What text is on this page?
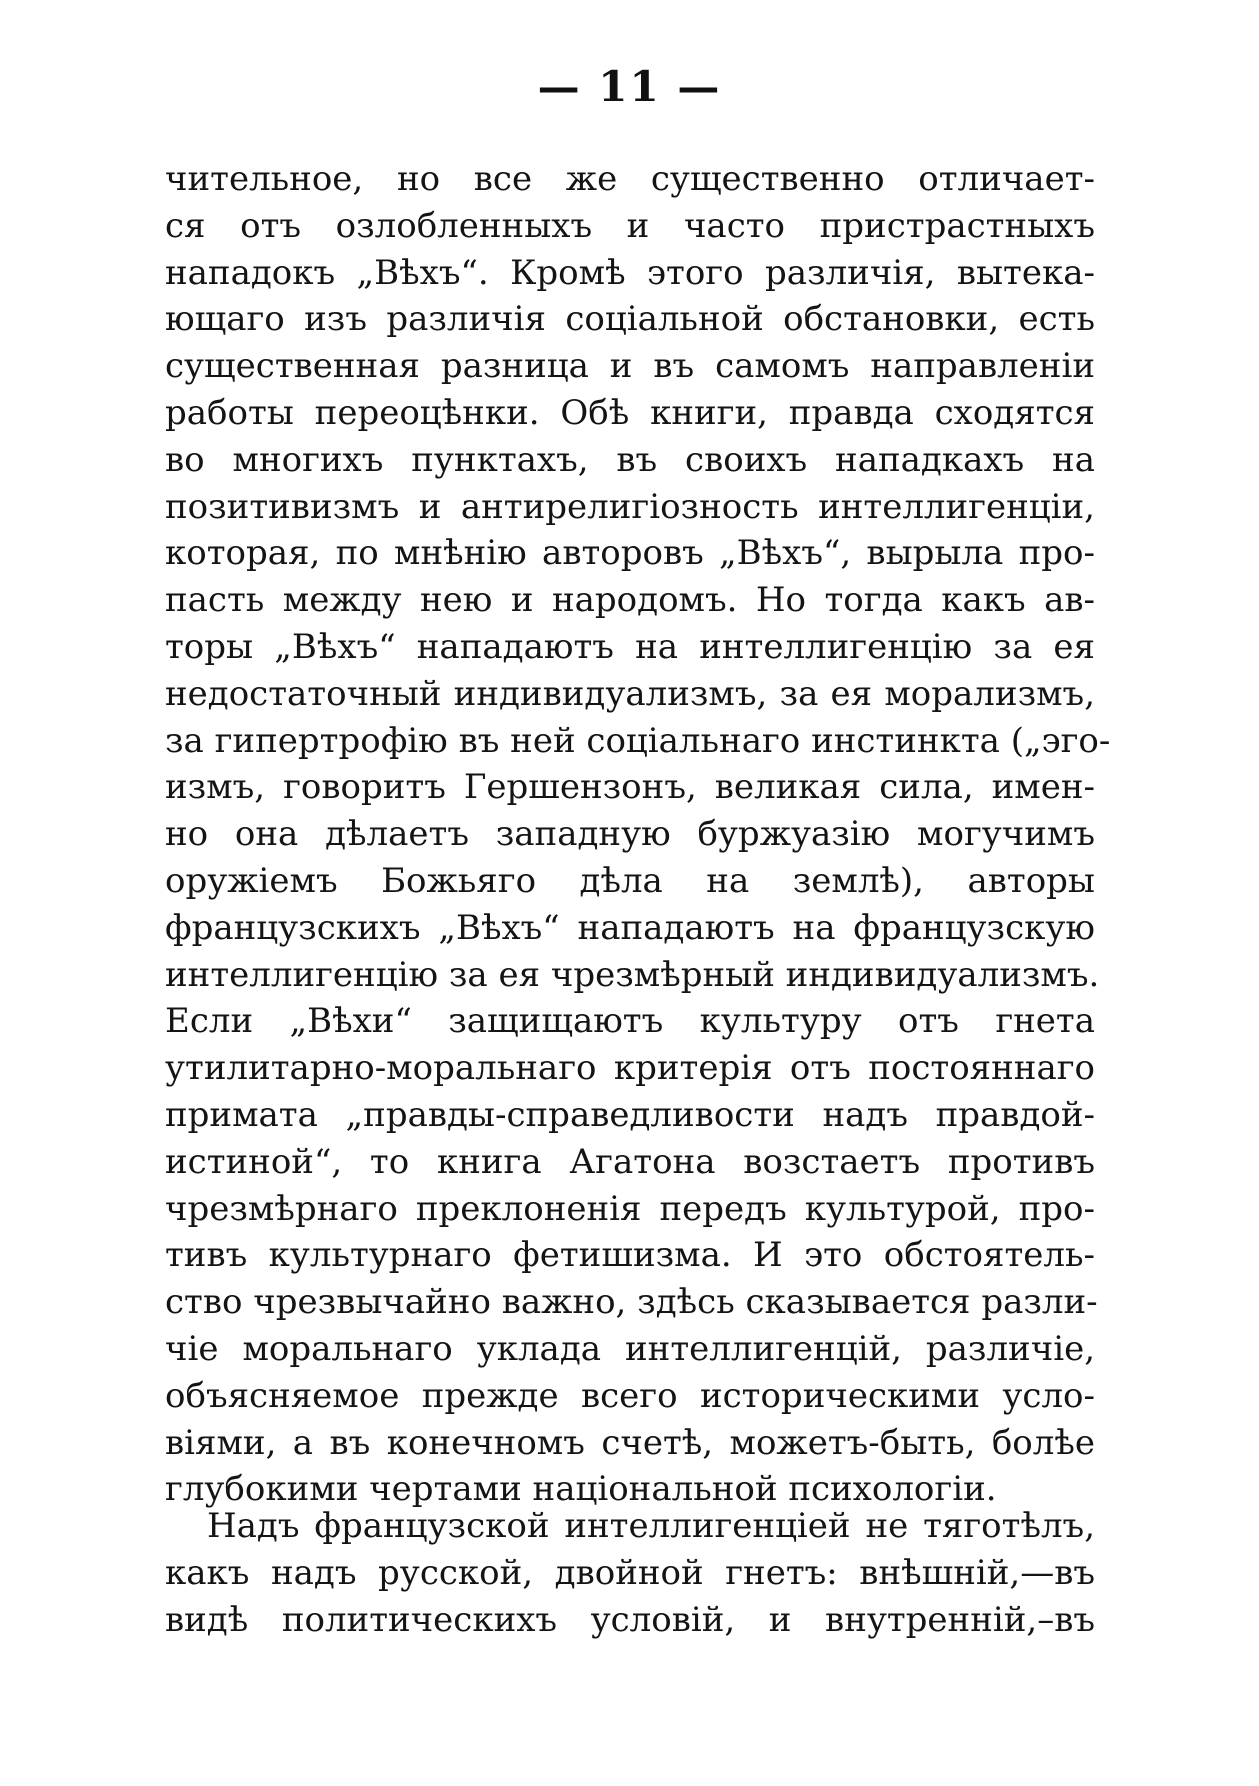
— 11 —
чительное, но все же существенно отличает-
ся отъ озлобленныхъ и часто пристрастныхъ
нападокъ „Вѣхъ“. Кромѣ этого различія, вытека-
ющаго изъ различія соціальной обстановки, есть
существенная разница и въ самомъ направленіи
работы переоцѣнки. Обѣ книги, правда сходятся
во многихъ пунктахъ, въ своихъ нападкахъ на
позитивизмъ и антирелигіозность интеллигенціи,
которая, по мнѣнію авторовъ „Вѣхъ“, вырыла про-
пасть между нею и народомъ. Но тогда какъ ав-
торы „Вѣхъ“ нападаютъ на интеллигенцію за ея
недостаточный индивидуализмъ, за ея морализмъ,
за гипертрофію въ ней соціальнаго инстинкта („эго-
измъ, говоритъ Гершензонъ, великая сила, имен-
но она дѣлаетъ западную буржуазію могучимъ
оружіемъ Божьяго дѣла на землѣ), авторы
французскихъ „Вѣхъ“ нападаютъ на французскую
интеллигенцію за ея чрезмѣрный индивидуализмъ.
Если „Вѣхи“ защищаютъ культуру отъ гнета
утилитарно-моральнаго критерія отъ постояннаго
примата „правды-справедливости надъ правдой-
истиной“, то книга Агатона возстаетъ противъ
чрезмѣрнаго преклоненія передъ культурой, про-
тивъ культурнаго фетишизма. И это обстоятель-
ство чрезвычайно важно, здѣсь сказывается разли-
чіе моральнаго уклада интеллигенцій, различіе,
объясняемое прежде всего историческими усло-
віями, а въ конечномъ счетѣ, можетъ-быть, болѣе
глубокими чертами національной психологіи.
Надъ французской интеллигенціей не тяготѣлъ,
какъ надъ русской, двойной гнетъ: внѣшній,—въ
видѣ политическихъ условій, и внутренній,–въ
